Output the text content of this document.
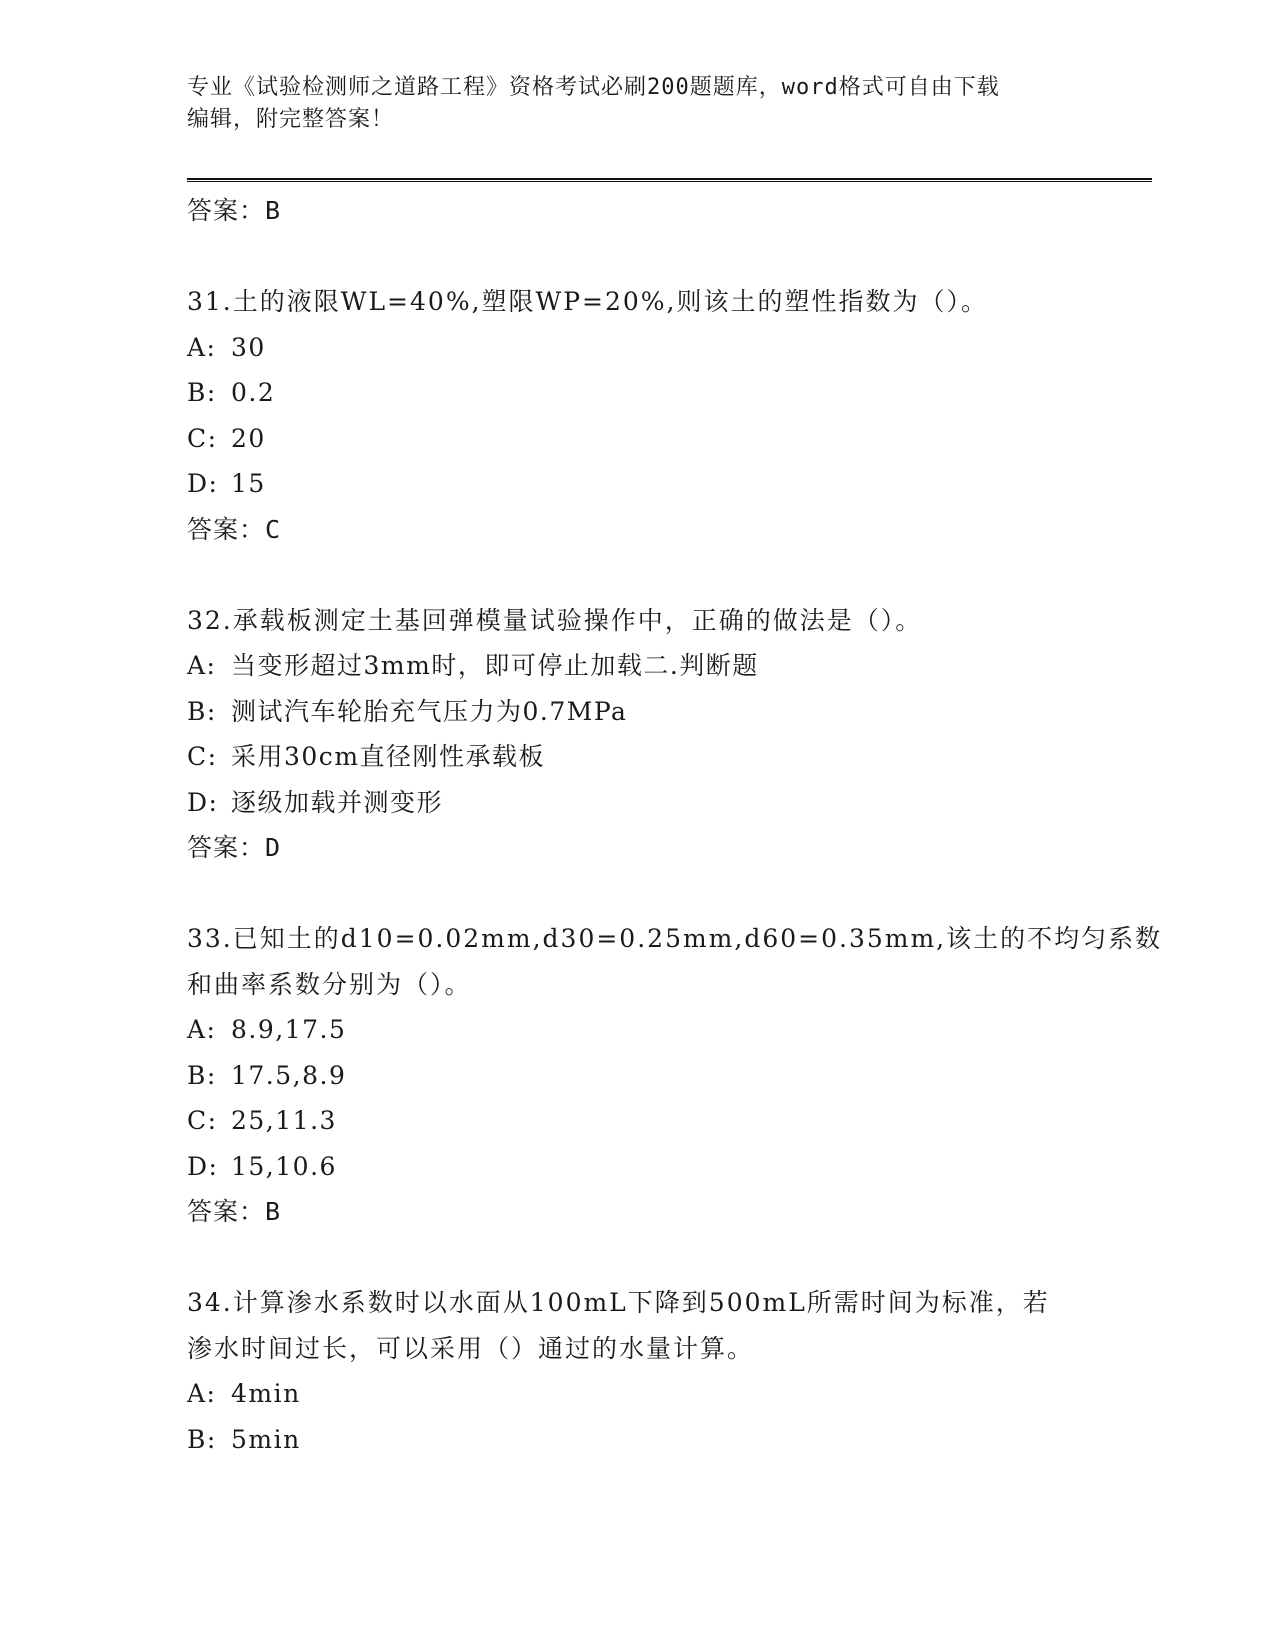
专业《试验检测师之道路工程》资格考试必刷200题题库，word格式可自由下载
编辑，附完整答案！
答案：B
31.土的液限WL=40%,塑限WP=20%,则该土的塑性指数为（）。
A: 30
B: 0.2
C: 20
D: 15
答案：C
32.承载板测定土基回弹模量试验操作中，正确的做法是（）。
A: 当变形超过3mm时，即可停止加载二.判断题
B: 测试汽车轮胎充气压力为0.7MPa
C: 采用30cm直径刚性承载板
D: 逐级加载并测变形
答案：D
33.已知土的d10=0.02mm,d30=0.25mm,d60=0.35mm,该土的不均匀系数
和曲率系数分别为（）。
A: 8.9,17.5
B: 17.5,8.9
C: 25,11.3
D: 15,10.6
答案：B
34.计算渗水系数时以水面从100mL下降到500mL所需时间为标准，若
渗水时间过长，可以采用（）通过的水量计算。
A: 4min
B: 5min
